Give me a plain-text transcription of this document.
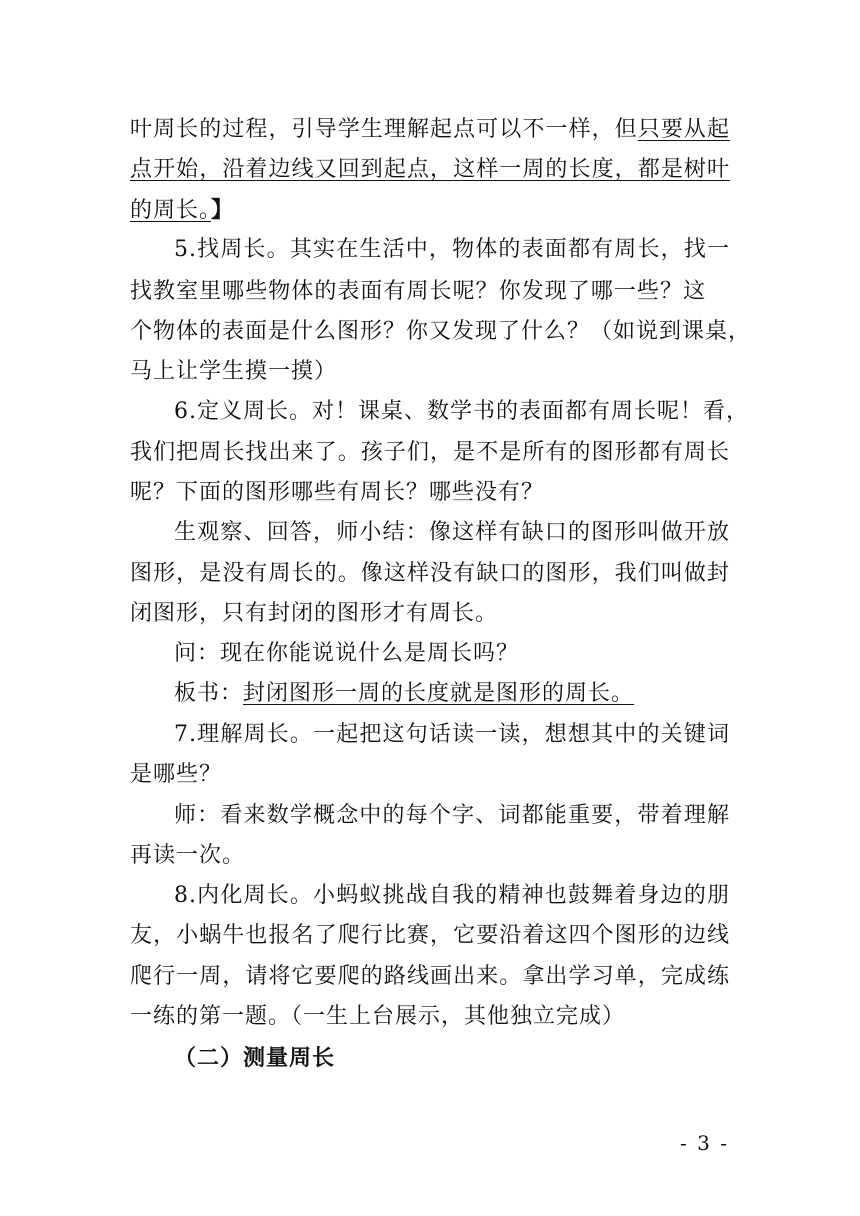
叶周长的过程，引导学生理解起点可以不一样，但只要从起
点开始，沿着边线又回到起点，这样一周的长度，都是树叶
的周长。】
5.找周长。其实在生活中，物体的表面都有周长，找一
找教室里哪些物体的表面有周长呢？你发现了哪一些？这
个物体的表面是什么图形？你又发现了什么？（如说到课桌，
马上让学生摸一摸）
6.定义周长。对！课桌、数学书的表面都有周长呢！看，
我们把周长找出来了。孩子们，是不是所有的图形都有周长
呢？下面的图形哪些有周长？哪些没有？
生观察、回答，师小结：像这样有缺口的图形叫做开放
图形，是没有周长的。像这样没有缺口的图形，我们叫做封
闭图形，只有封闭的图形才有周长。
问：现在你能说说什么是周长吗？
板书：封闭图形一周的长度就是图形的周长。
7.理解周长。一起把这句话读一读，想想其中的关键词
是哪些？
师：看来数学概念中的每个字、词都能重要，带着理解
再读一次。
8.内化周长。小蚂蚁挑战自我的精神也鼓舞着身边的朋
友，小蜗牛也报名了爬行比赛，它要沿着这四个图形的边线
爬行一周，请将它要爬的路线画出来。拿出学习单，完成练
一练的第一题。（一生上台展示，其他独立完成）
（二）测量周长
- 3 -
